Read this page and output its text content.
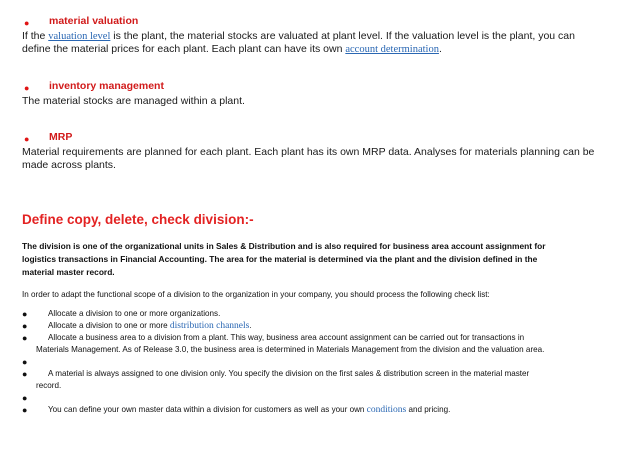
● material valuation
If the valuation level is the plant, the material stocks are valuated at plant level. If the valuation level is the plant, you can
define the material prices for each plant. Each plant can have its own account determination.
● inventory management
The material stocks are managed within a plant.
● MRP
Material requirements are planned for each plant. Each plant has its own MRP data. Analyses for materials planning can be
made across plants.
Define copy, delete, check division:-
The division is one of the organizational units in Sales & Distribution and is also required for business area account assignment for
logistics transactions in Financial Accounting. The area for the material is determined via the plant and the division defined in the
material master record.
In order to adapt the functional scope of a division to the organization in your company, you should process the following check list:
●	Allocate a division to one or more organizations.
●	Allocate a division to one or more distribution channels.
●	Allocate a business area to a division from a plant. This way, business area account assignment can be carried out for transactions in
Materials Management. As of Release 3.0, the business area is determined in Materials Management from the division and the valuation area.
●
●	A material is always assigned to one division only. You specify the division on the first sales & distribution screen in the material master
record.
●
●	You can define your own master data within a division for customers as well as your own conditions and pricing.
